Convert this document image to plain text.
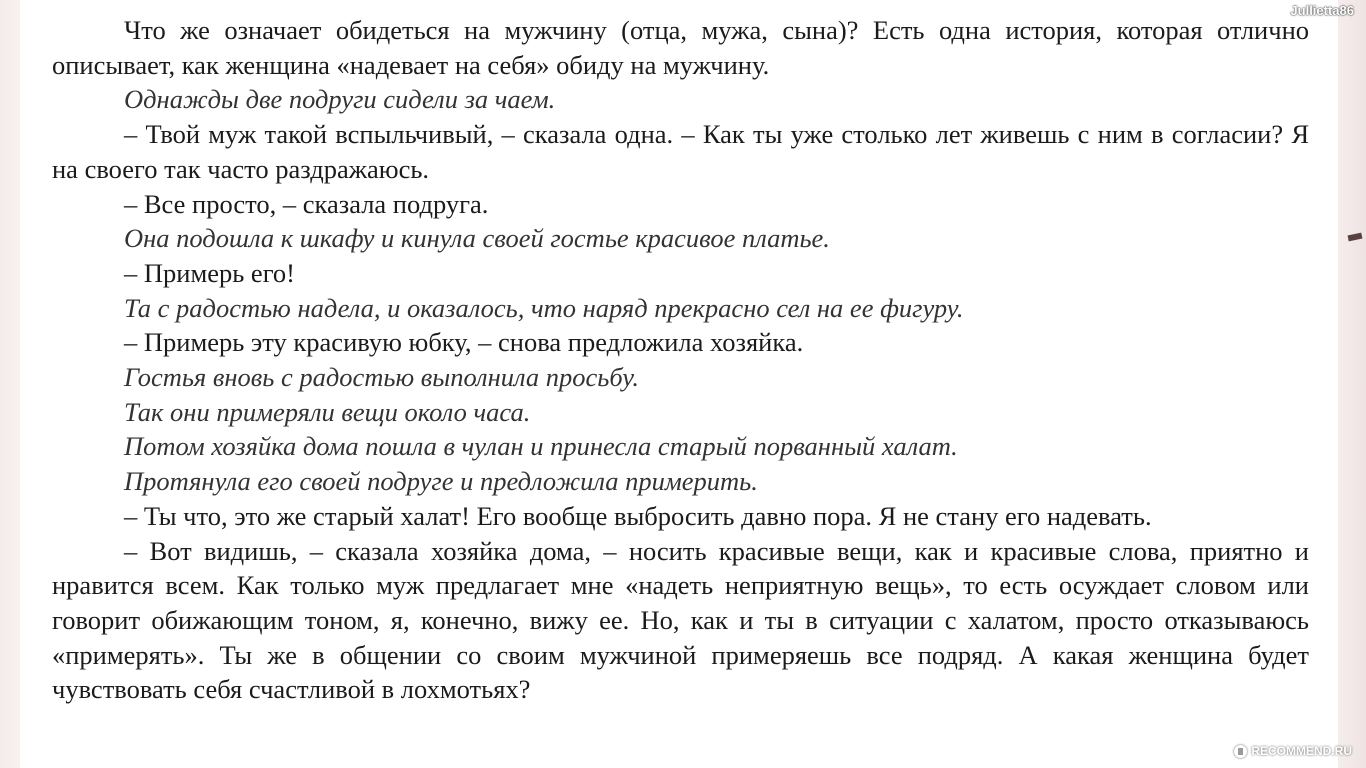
Jullietta86

Что же означает обидеться на мужчину (отца, мужа, сына)? Есть одна история, которая отлично описывает, как женщина «надевает на себя» обиду на мужчину.

Однажды две подруги сидели за чаем.

– Твой муж такой вспыльчивый, – сказала одна. – Как ты уже столько лет живешь с ним в согласии? Я на своего так часто раздражаюсь.

– Все просто, – сказала подруга.

Она подошла к шкафу и кинула своей гостье красивое платье.

– Примерь его!

Та с радостью надела, и оказалось, что наряд прекрасно сел на ее фигуру.

– Примерь эту красивую юбку, – снова предложила хозяйка.

Гостья вновь с радостью выполнила просьбу.

Так они примеряли вещи около часа.

Потом хозяйка дома пошла в чулан и принесла старый порванный халат.

Протянула его своей подруге и предложила примерить.

– Ты что, это же старый халат! Его вообще выбросить давно пора. Я не стану его надевать.

– Вот видишь, – сказала хозяйка дома, – носить красивые вещи, как и красивые слова, приятно и нравится всем. Как только муж предлагает мне «надеть неприятную вещь», то есть осуждает словом или говорит обижающим тоном, я, конечно, вижу ее. Но, как и ты в ситуации с халатом, просто отказываюсь «примерять». Ты же в общении со своим мужчиной примеряешь все подряд. А какая женщина будет чувствовать себя счастливой в лохмотьях?

RECOMMEND.RU
